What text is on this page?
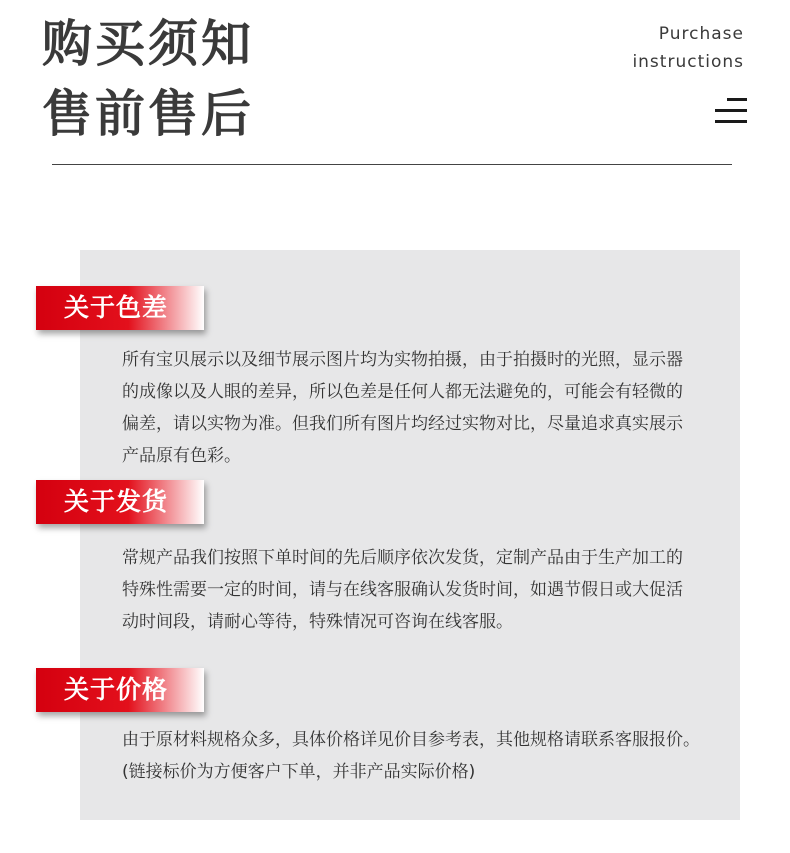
购买须知
售前售后
Purchase
instructions
关于色差

所有宝贝展示以及细节展示图片均为实物拍摄，由于拍摄时的光照，显示器

的成像以及人眼的差异，所以色差是任何人都无法避免的，可能会有轻微的

偏差，请以实物为准。但我们所有图片均经过实物对比，尽量追求真实展示

产品原有色彩。

关于发货

常规产品我们按照下单时间的先后顺序依次发货，定制产品由于生产加工的

特殊性需要一定的时间，请与在线客服确认发货时间，如遇节假日或大促活

动时间段，请耐心等待，特殊情况可咨询在线客服。

关于价格

由于原材料规格众多，具体价格详见价目参考表，其他规格请联系客服报价。

(链接标价为方便客户下单，并非产品实际价格)
